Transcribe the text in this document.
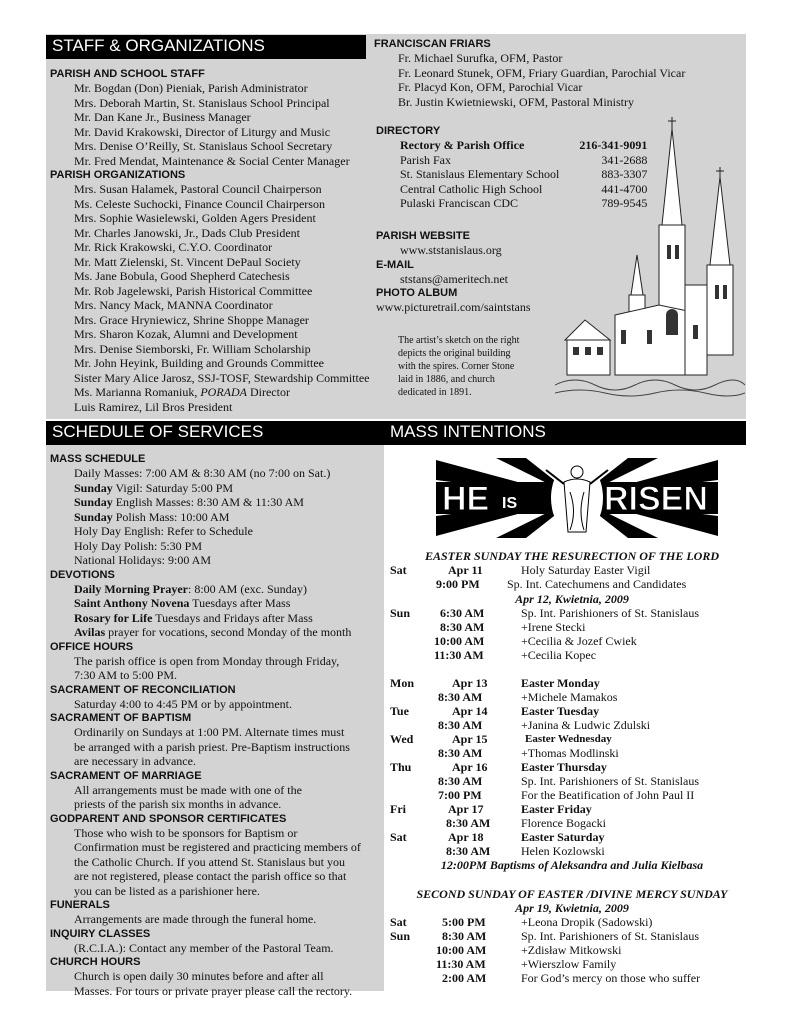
STAFF & ORGANIZATIONS
PARISH AND SCHOOL STAFF
Mr. Bogdan (Don) Pieniak, Parish Administrator
Mrs. Deborah Martin, St. Stanislaus School Principal
Mr. Dan Kane Jr., Business Manager
Mr. David Krakowski, Director of Liturgy and Music
Mrs. Denise O’Reilly, St. Stanislaus School Secretary
Mr. Fred Mendat, Maintenance & Social Center Manager
PARISH ORGANIZATIONS
Mrs. Susan Halamek, Pastoral Council Chairperson
Ms. Celeste Suchocki, Finance Council Chairperson
Mrs. Sophie Wasielewski, Golden Agers President
Mr. Charles Janowski, Jr., Dads Club President
Mr. Rick Krakowski, C.Y.O. Coordinator
Mr. Matt Zielenski, St. Vincent DePaul Society
Ms. Jane Bobula, Good Shepherd Catechesis
Mr. Rob Jagelewski, Parish Historical Committee
Mrs. Nancy Mack, MANNA Coordinator
Mrs. Grace Hryniewicz, Shrine Shoppe Manager
Mrs. Sharon Kozak, Alumni and Development
Mrs. Denise Siemborski, Fr. William Scholarship
Mr. John Heyink, Building and Grounds Committee
Sister Mary Alice Jarosz, SSJ-TOSF, Stewardship Committee
Ms. Marianna Romaniuk, PORADA Director
Luis Ramirez, Lil Bros President
FRANCISCAN FRIARS
Fr. Michael Surufka, OFM, Pastor
Fr. Leonard Stunek, OFM, Friary Guardian, Parochial Vicar
Fr. Placyd Kon, OFM, Parochial Vicar
Br. Justin Kwietniewski, OFM, Pastoral Ministry
DIRECTORY
Rectory & Parish Office	216-341-9091
Parish Fax	341-2688
St. Stanislaus Elementary School	883-3307
Central Catholic High School	441-4700
Pulaski Franciscan CDC	789-9545
PARISH WEBSITE
www.ststanislaus.org
E-MAIL
ststans@ameritech.net
PHOTO ALBUM
www.picturetrail.com/saintstans
The artist’s sketch on the right
depicts the original building
with the spires. Corner Stone
laid in 1886, and church
dedicated in 1891.
SCHEDULE OF SERVICES	MASS INTENTIONS
MASS SCHEDULE
Daily Masses: 7:00 AM & 8:30 AM (no 7:00 on Sat.)
Sunday Vigil: Saturday 5:00 PM
Sunday English Masses: 8:30 AM & 11:30 AM
Sunday Polish Mass: 10:00 AM
Holy Day English: Refer to Schedule
Holy Day Polish: 5:30 PM
National Holidays: 9:00 AM
DEVOTIONS
Daily Morning Prayer: 8:00 AM (exc. Sunday)
Saint Anthony Novena Tuesdays after Mass
Rosary for Life Tuesdays and Fridays after Mass
Avilas prayer for vocations, second Monday of the month
OFFICE HOURS
The parish office is open from Monday through Friday,
7:30 AM to 5:00 PM.
SACRAMENT OF RECONCILIATION
Saturday 4:00 to 4:45 PM or by appointment.
SACRAMENT OF BAPTISM
Ordinarily on Sundays at 1:00 PM. Alternate times must
be arranged with a parish priest. Pre-Baptism instructions
are necessary in advance.
SACRAMENT OF MARRIAGE
All arrangements must be made with one of the
priests of the parish six months in advance.
GODPARENT AND SPONSOR CERTIFICATES
Those who wish to be sponsors for Baptism or
Confirmation must be registered and practicing members of
the Catholic Church. If you attend St. Stanislaus but you
are not registered, please contact the parish office so that
you can be listed as a parishioner here.
FUNERALS
Arrangements are made through the funeral home.
INQUIRY CLASSES
(R.C.I.A.): Contact any member of the Pastoral Team.
CHURCH HOURS
Church is open daily 30 minutes before and after all
Masses. For tours or private prayer please call the rectory.
HE IS	RISEN
EASTER SUNDAY THE RESURECTION OF THE LORD
Sat	Apr 11	Holy Saturday Easter Vigil
9:00 PM Sp. Int. Catechumens and Candidates
Apr 12, Kwietnia, 2009
Sun 6:30 AM	Sp. Int. Parishioners of St. Stanislaus
8:30 AM	+Irene Stecki
10:00 AM	+Cecilia & Jozef Cwiek
11:30 AM	+Cecilia Kopec
Mon	Apr 13	Easter Monday
8:30 AM	+Michele Mamakos
Tue	Apr 14	Easter Tuesday
8:30 AM	+Janina & Ludwic Zdulski
Wed	Apr 15	Easter Wednesday
8:30 AM	+Thomas Modlinski
Thu	Apr 16	Easter Thursday
8:30 AM	Sp. Int. Parishioners of St. Stanislaus
7:00 PM	For the Beatification of John Paul II
Fri	Apr 17	Easter Friday
8:30 AM	Florence Bogacki
Sat	Apr 18	Easter Saturday
8:30 AM	Helen Kozlowski
12:00PM Baptisms of Aleksandra and Julia Kielbasa
SECOND SUNDAY OF EASTER /DIVINE MERCY SUNDAY
Apr 19, Kwietnia, 2009
Sat	5:00 PM	+Leona Dropik (Sadowski)
Sun	8:30 AM	Sp. Int. Parishioners of St. Stanislaus
10:00 AM	+Zdisław Mitkowski
11:30 AM	+Wierszlow Family
2:00 AM	For God’s mercy on those who suffer
